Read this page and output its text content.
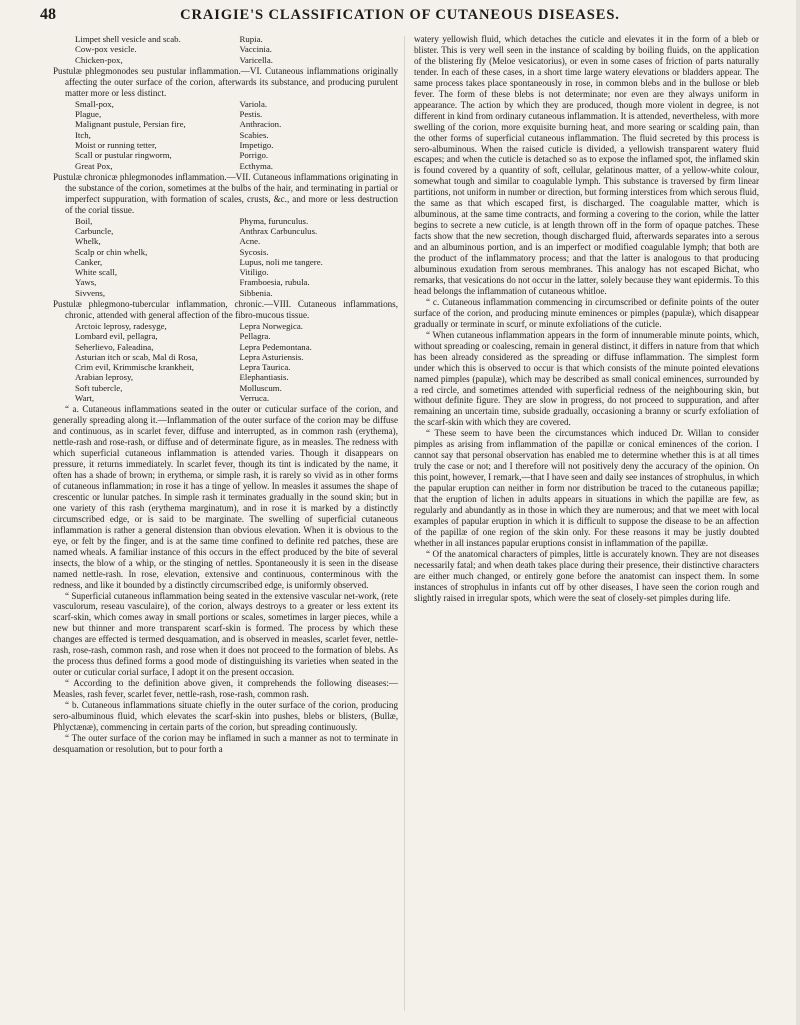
48	CRAIGIE'S CLASSIFICATION OF CUTANEOUS DISEASES.
Limpet shell vesicle and scab.	Rupia.
Cow-pox vesicle.	Vaccinia.
Chicken-pox,	Varicella.

Pustulæ phlegmonodes seu pustular inflammation.—VI. Cutaneous inflammations originally affecting the outer surface of the corion, afterwards its substance, and producing purulent matter more or less distinct.

Small-pox,	Variola.
Plague,	Pestis.
Malignant pustule, Persian fire,	Anthracion.
Itch,	Scabies.
Moist or running tetter,	Impetigo.
Scall or pustular ringworm,	Porrigo.
Great Pox,	Ecthyma.

Pustulæ chronicæ phlegmonodes inflammation.—VII. Cutaneous inflammations originating in the substance of the corion, sometimes at the bulbs of the hair, and terminating in partial or imperfect suppuration, with formation of scales, crusts, &c., and more or less destruction of the corial tissue.

Boil,	Phyma, furunculus.
Carbuncle,	Anthrax Carbunculus.
Whelk,	Acne.
Scalp or chin whelk,	Sycosis.
Canker,	Lupus, noli me tangere.
White scall,	Vitiligo.
Yaws,	Framboesia, rubula.
Sivvens,	Sibbenia.

Pustulæ phlegmono-tubercular inflammation, chronic.—VIII. Cutaneous inflammations, chronic, attended with general affection of the fibro-mucous tissue.

Arctoic leprosy, radesyge,	Lepra Norwegica.
Lombard evil, pellagra,	Pellagra.
Seherlievo, Faleadina,	Lepra Pedemontana.
Asturian itch or scab, Mal di Rosa,	Lepra Asturiensis.
Crim evil, Krimmische krankheit,	Lepra Taurica.
Arabian leprosy,	Elephantiasis.
Soft tubercle,	Molluscum.
Wart,	Verruca.

“ a. Cutaneous inflammations seated in the outer or cuticular surface of the corion, and generally spreading along it.—Inflammation of the outer surface of the corion may be diffuse and continuous, as in scarlet fever, diffuse and interrupted, as in common rash (erythema), nettle-rash and rose-rash, or diffuse and of determinate figure, as in measles. The redness with which superficial cutaneous inflammation is attended varies. Though it disappears on pressure, it returns immediately. In scarlet fever, though its tint is indicated by the name, it often has a shade of brown; in erythema, or simple rash, it is rarely so vivid as in other forms of cutaneous inflammation; in rose it has a tinge of yellow. In measles it assumes the shape of crescentic or lunular patches. In simple rash it terminates gradually in the sound skin; but in one variety of this rash (erythema marginatum), and in rose it is marked by a distinctly circumscribed edge, or is said to be marginate. The swelling of superficial cutaneous inflammation is rather a general distension than obvious elevation. When it is obvious to the eye, or felt by the finger, and is at the same time confined to definite red patches, these are named wheals. A familiar instance of this occurs in the effect produced by the bite of several insects, the blow of a whip, or the stinging of nettles. Spontaneously it is seen in the disease named nettle-rash. In rose, elevation, extensive and continuous, conterminous with the redness, and like it bounded by a distinctly circumscribed edge, is uniformly observed.

“ Superficial cutaneous inflammation being seated in the extensive vascular net-work, (rete vasculorum, reseau vasculaire), of the corion, always destroys to a greater or less extent its scarf-skin, which comes away in small portions or scales, sometimes in larger pieces, while a new but thinner and more transparent scarf-skin is formed. The process by which these changes are effected is termed desquamation, and is observed in measles, scarlet fever, nettle-rash, rose-rash, common rash, and rose when it does not proceed to the formation of blebs. As the process thus defined forms a good mode of distinguishing its varieties when seated in the outer or cuticular corial surface, I adopt it on the present occasion.

“ According to the definition above given, it comprehends the following diseases:—Measles, rash fever, scarlet fever, nettle-rash, rose-rash, common rash.

“ b. Cutaneous inflammations situate chiefly in the outer surface of the corion, producing sero-albuminous fluid, which elevates the scarf-skin into pushes, blebs or blisters, (Bullæ, Phlyctænæ), commencing in certain parts of the corion, but spreading continuously.

“ The outer surface of the corion may be inflamed in such a manner as not to terminate in desquamation or resolution, but to pour forth a

watery yellowish fluid, which detaches the cuticle and elevates it in the form of a bleb or blister. This is very well seen in the instance of scalding by boiling fluids, on the application of the blistering fly (Meloe vesicatorius), or even in some cases of friction of parts naturally tender. In each of these cases, in a short time large watery elevations or bladders appear. The same process takes place spontaneously in rose, in common blebs and in the bullose or bleb fever. The form of these blebs is not determinate; nor even are they always uniform in appearance. The action by which they are produced, though more violent in degree, is not different in kind from ordinary cutaneous inflammation. It is attended, nevertheless, with more swelling of the corion, more exquisite burning heat, and more searing or scalding pain, than the other forms of superficial cutaneous inflammation. The fluid secreted by this process is sero-albuminous. When the raised cuticle is divided, a yellowish transparent watery fluid escapes; and when the cuticle is detached so as to expose the inflamed spot, the inflamed skin is found covered by a quantity of soft, cellular, gelatinous matter, of a yellow-white colour, somewhat tough and similar to coagulable lymph. This substance is traversed by firm linear partitions, not uniform in number or direction, but forming interstices from which serous fluid, the same as that which escaped first, is discharged. The coagulable matter, which is albuminous, at the same time contracts, and forming a covering to the corion, while the latter begins to secrete a new cuticle, is at length thrown off in the form of opaque patches. These facts show that the new secretion, though discharged fluid, afterwards separates into a serous and an albuminous portion, and is an imperfect or modified coagulable lymph; that both are the product of the inflammatory process; and that the latter is analogous to that producing albuminous exudation from serous membranes. This analogy has not escaped Bichat, who remarks, that vesications do not occur in the latter, solely because they want epidermis. To this head belongs the inflammation of cutaneous whitloe.

“ c. Cutaneous inflammation commencing in circumscribed or definite points of the outer surface of the corion, and producing minute eminences or pimples (papulæ), which disappear gradually or terminate in scurf, or minute exfoliations of the cuticle.

“ When cutaneous inflammation appears in the form of innumerable minute points, which, without spreading or coalescing, remain in general distinct, it differs in nature from that which has been already considered as the spreading or diffuse inflammation. The simplest form under which this is observed to occur is that which consists of the minute pointed elevations named pimples (papulæ), which may be described as small conical eminences, surrounded by a red circle, and sometimes attended with superficial redness of the neighbouring skin, but without definite figure. They are slow in progress, do not proceed to suppuration, and after remaining an uncertain time, subside gradually, occasioning a branny or scurfy exfoliation of the scarf-skin with which they are covered.

“ These seem to have been the circumstances which induced Dr. Willan to consider pimples as arising from inflammation of the papillæ or conical eminences of the corion. I cannot say that personal observation has enabled me to determine whether this is at all times truly the case or not; and I therefore will not positively deny the accuracy of the opinion. On this point, however, I remark,—that I have seen and daily see instances of strophulus, in which the papular eruption can neither in form nor distribution be traced to the cutaneous papillæ; that the eruption of lichen in adults appears in situations in which the papillæ are few, as regularly and abundantly as in those in which they are numerous; and that we meet with local examples of papular eruption in which it is difficult to suppose the disease to be an affection of the papillæ of one region of the skin only. For these reasons it may be justly doubted whether in all instances papular eruptions consist in inflammation of the papillæ.

“ Of the anatomical characters of pimples, little is accurately known. They are not diseases necessarily fatal; and when death takes place during their presence, their distinctive characters are either much changed, or entirely gone before the anatomist can inspect them. In some instances of strophulus in infants cut off by other diseases, I have seen the corion rough and slightly raised in irregular spots, which were the seat of closely-set pimples during life.
